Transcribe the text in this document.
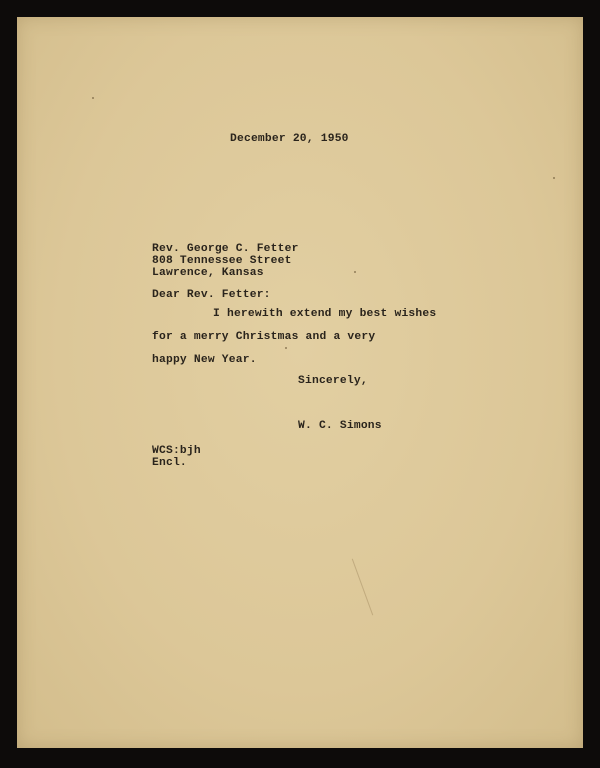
December 20, 1950

Rev. George C. Fetter

808 Tennessee Street

Lawrence, Kansas

Dear Rev. Fetter:

I herewith extend my best wishes

for a merry Christmas and a very

happy New Year.

Sincerely,

W. C. Simons

WCS:bjh

Encl.
